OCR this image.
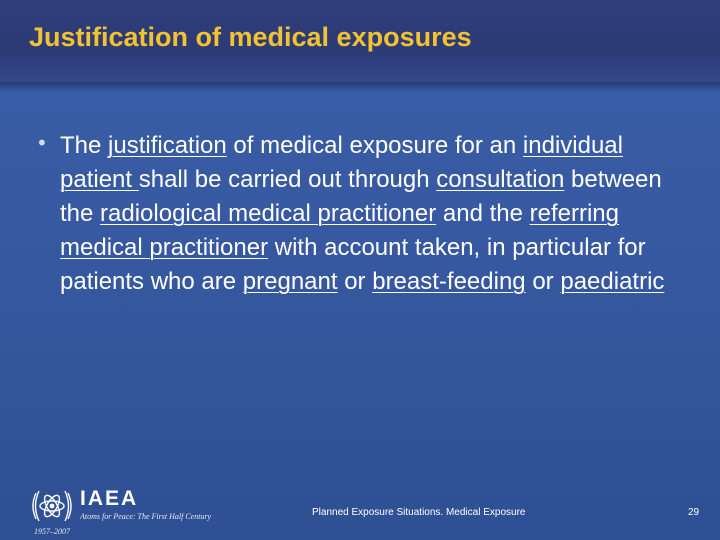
Justification of medical exposures
• The justification of medical exposure for an individual patient shall be carried out through consultation between the radiological medical practitioner and the referring medical practitioner with account taken, in particular for patients who are pregnant or breast-feeding or paediatric

IAEA
Atoms for Peace: The First Half Century
1957–2007
Planned Exposure Situations. Medical Exposure	29
